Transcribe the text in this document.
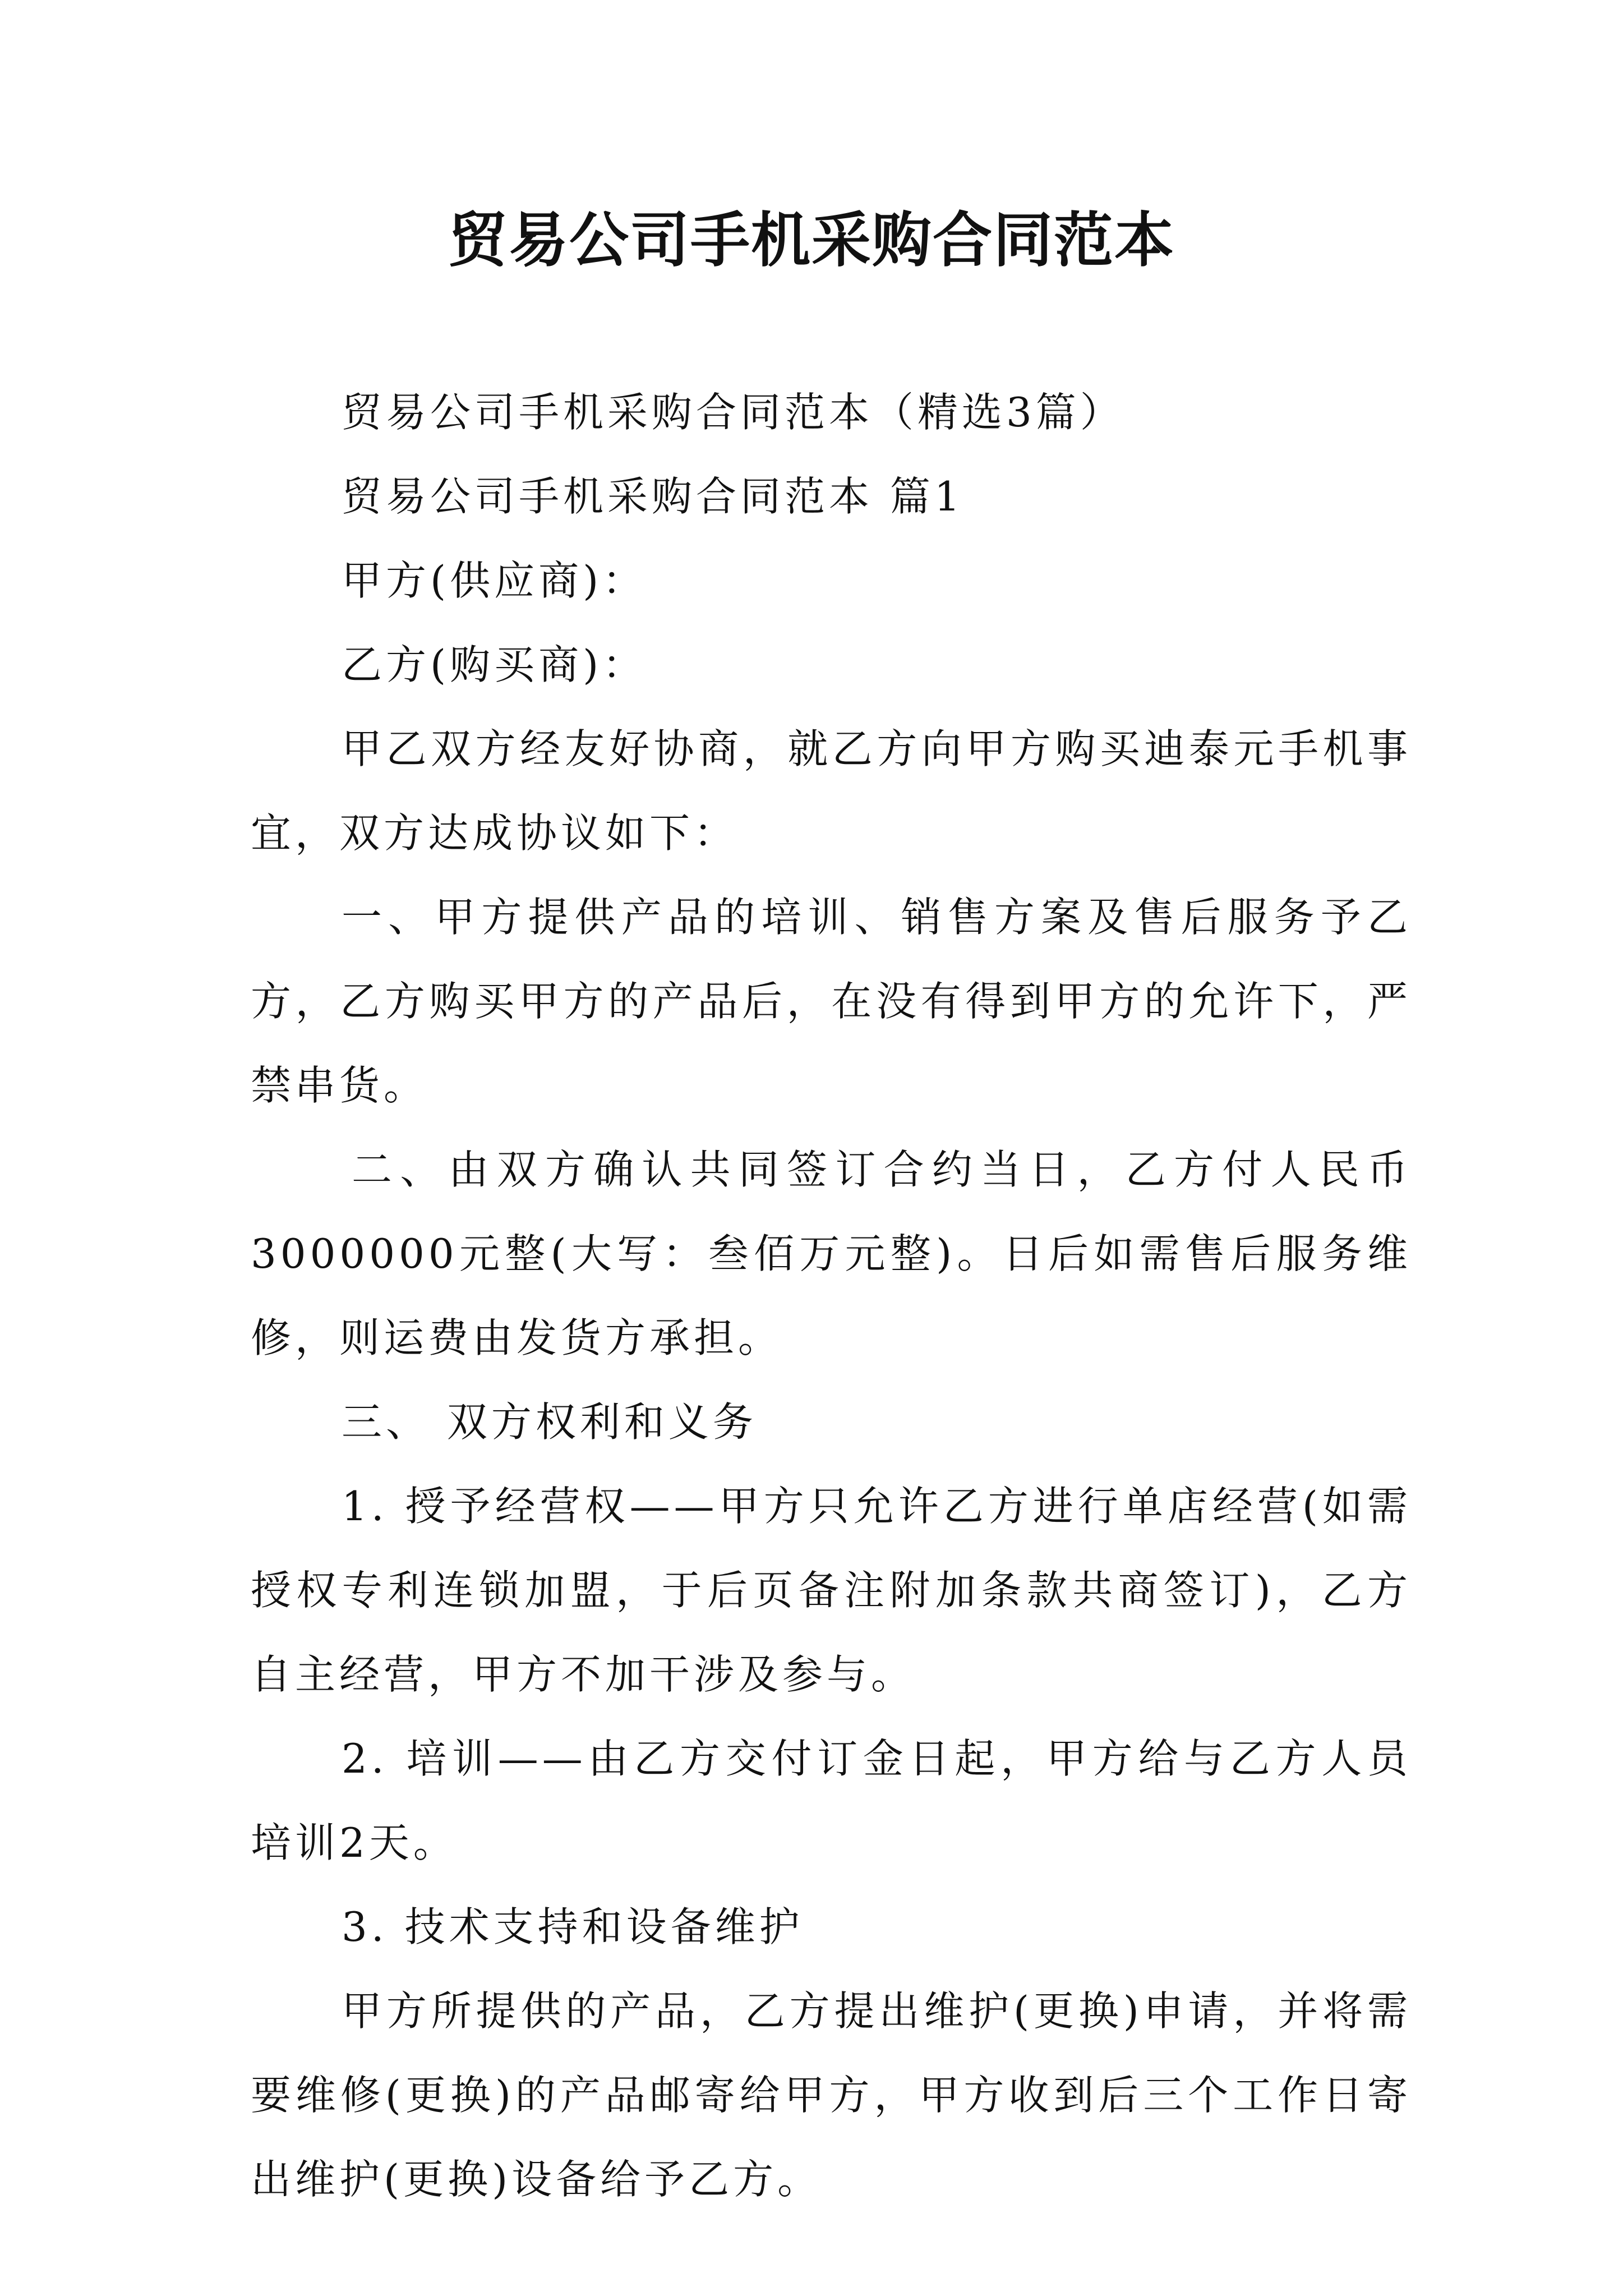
贸易公司手机采购合同范本

贸易公司手机采购合同范本（精选3篇）

贸易公司手机采购合同范本 篇1

甲方(供应商)：

乙方(购买商)：

甲乙双方经友好协商，就乙方向甲方购买迪泰元手机事宜，双方达成协议如下：

一、甲方提供产品的培训、销售方案及售后服务予乙方，乙方购买甲方的产品后，在没有得到甲方的允许下，严禁串货。

二、由双方确认共同签订合约当日，乙方付人民币3000000元整(大写：叁佰万元整)。日后如需售后服务维修，则运费由发货方承担。

三、 双方权利和义务

1. 授予经营权——甲方只允许乙方进行单店经营(如需授权专利连锁加盟，于后页备注附加条款共商签订)，乙方自主经营，甲方不加干涉及参与。

2. 培训——由乙方交付订金日起，甲方给与乙方人员培训2天。

3. 技术支持和设备维护

甲方所提供的产品，乙方提出维护(更换)申请，并将需要维修(更换)的产品邮寄给甲方，甲方收到后三个工作日寄出维护(更换)设备给予乙方。
